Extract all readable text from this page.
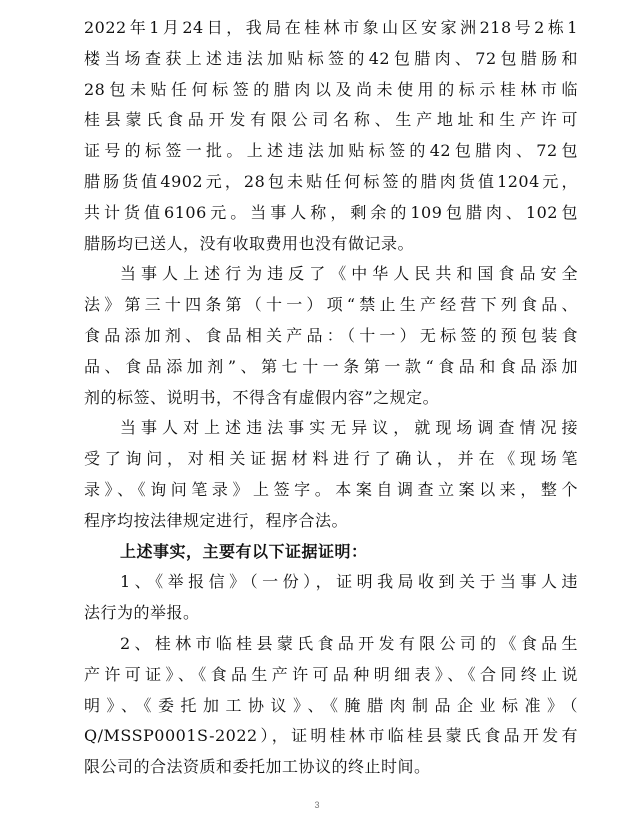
2022年1月24日，我局在桂林市象山区安家洲218号2栋1
楼当场查获上述违法加贴标签的42包腊肉、72包腊肠和
28包未贴任何标签的腊肉以及尚未使用的标示桂林市临
桂县蒙氏食品开发有限公司名称、生产地址和生产许可
证号的标签一批。上述违法加贴标签的42包腊肉、72包
腊肠货值4902元，28包未贴任何标签的腊肉货值1204元，
共计货值6106元。当事人称，剩余的109包腊肉、102包
腊肠均已送人，没有收取费用也没有做记录。
当事人上述行为违反了《中华人民共和国食品安全
法》第三十四条第（十一）项“禁止生产经营下列食品、
食品添加剂、食品相关产品：（十一）无标签的预包装食
品、食品添加剂”、第七十一条第一款“食品和食品添加
剂的标签、说明书，不得含有虚假内容”之规定。
当事人对上述违法事实无异议，就现场调查情况接
受了询问，对相关证据材料进行了确认，并在《现场笔
录》、《询问笔录》上签字。本案自调查立案以来，整个
程序均按法律规定进行，程序合法。
上述事实，主要有以下证据证明：
1、《举报信》（一份），证明我局收到关于当事人违
法行为的举报。
2、桂林市临桂县蒙氏食品开发有限公司的《食品生
产许可证》、《食品生产许可品种明细表》、《合同终止说
明》、《委托加工协议》、《腌腊肉制品企业标准》（
Q/MSSP0001S-2022），证明桂林市临桂县蒙氏食品开发有
限公司的合法资质和委托加工协议的终止时间。
3
